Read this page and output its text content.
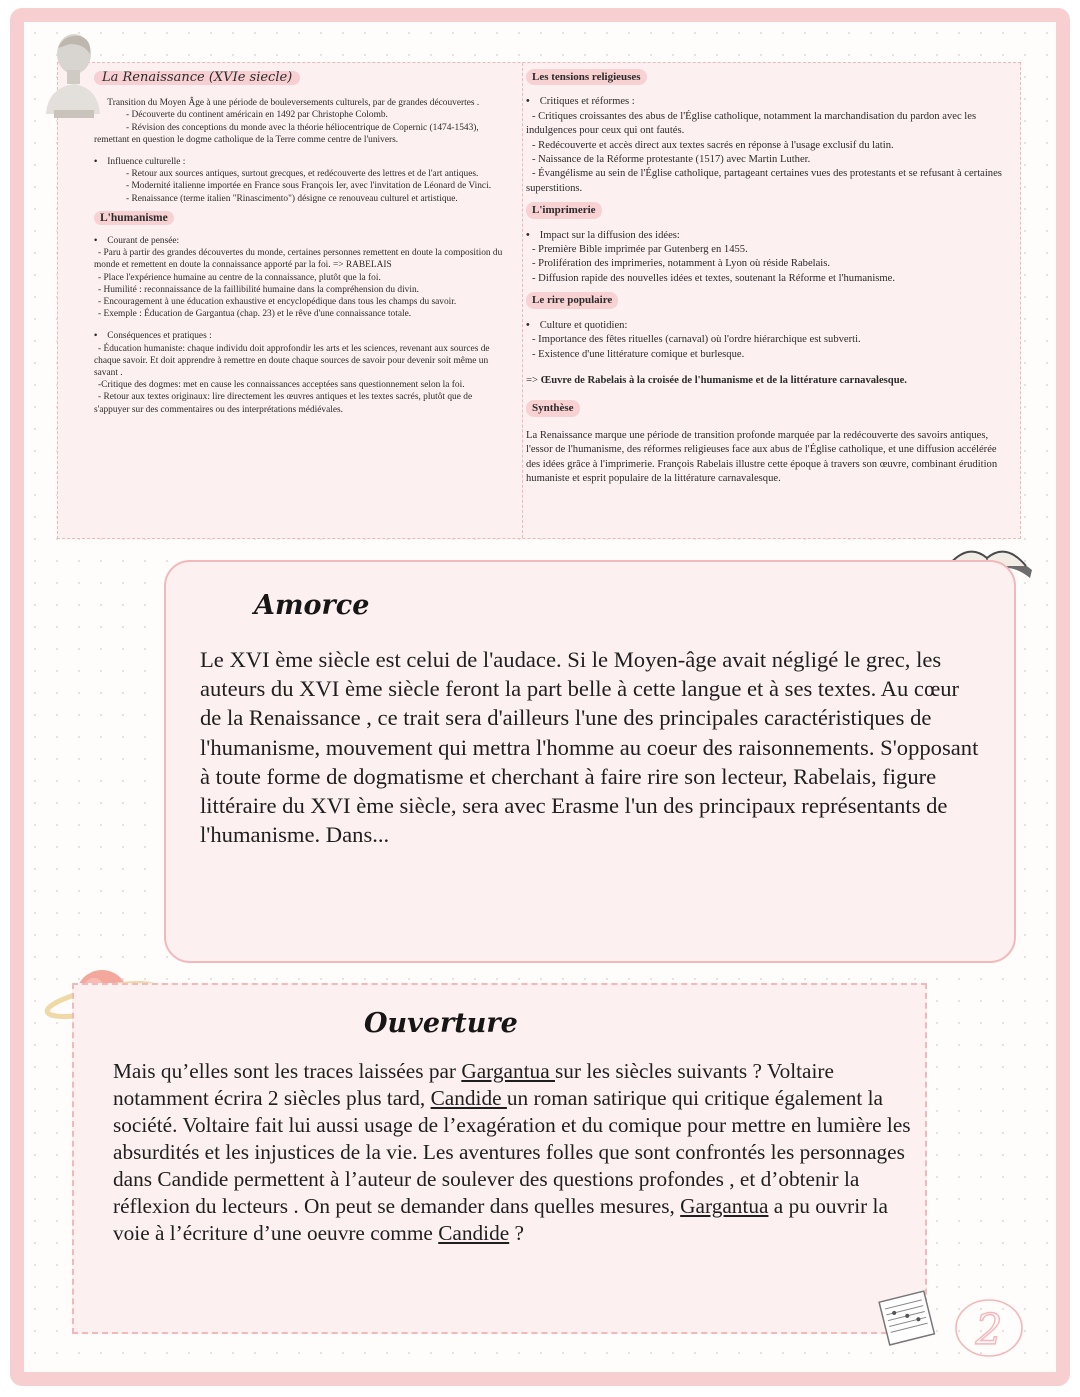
La Renaissance (XVIe siecle)
• Transition du Moyen Âge à une période de bouleversements culturels, par de grandes découvertes .
- Découverte du continent américain en 1492 par Christophe Colomb.
- Révision des conceptions du monde avec la théorie héliocentrique de Copernic (1474-1543), remettant en question le dogme catholique de la Terre comme centre de l'univers.
• Influence culturelle :
- Retour aux sources antiques, surtout grecques, et redécouverte des lettres et de l'art antiques.
- Modernité italienne importée en France sous François Ier, avec l'invitation de Léonard de Vinci.
- Renaissance (terme italien "Rinascimento") désigne ce renouveau culturel et artistique.
L'humanisme
• Courant de pensée:
- Paru à partir des grandes découvertes du monde, certaines personnes remettent en doute la composition du monde et remettent en doute la connaissance apporté par la foi. => RABELAIS
- Place l'expérience humaine au centre de la connaissance, plutôt que la foi.
- Humilité : reconnaissance de la faillibilité humaine dans la compréhension du divin.
- Encouragement à une éducation exhaustive et encyclopédique dans tous les champs du savoir.
- Exemple : Éducation de Gargantua (chap. 23) et le rêve d'une connaissance totale.
• Conséquences et pratiques :
- Éducation humaniste: chaque individu doit approfondir les arts et les sciences, revenant aux sources de chaque savoir. Et doit apprendre à remettre en doute chaque sources de savoir pour devenir soit même un savant .
-Critique des dogmes: met en cause les connaissances acceptées sans questionnement selon la foi.
- Retour aux textes originaux: lire directement les œuvres antiques et les textes sacrés, plutôt que de s'appuyer sur des commentaires ou des interprétations médiévales.
Les tensions religieuses
• Critiques et réformes :
- Critiques croissantes des abus de l'Église catholique, notamment la marchandisation du pardon avec les indulgences pour ceux qui ont fautés.
- Redécouverte et accès direct aux textes sacrés en réponse à l'usage exclusif du latin.
- Naissance de la Réforme protestante (1517) avec Martin Luther.
- Évangélisme au sein de l'Église catholique, partageant certaines vues des protestants et se refusant à certaines superstitions.
L'imprimerie
• Impact sur la diffusion des idées:
- Première Bible imprimée par Gutenberg en 1455.
- Prolifération des imprimeries, notamment à Lyon où réside Rabelais.
- Diffusion rapide des nouvelles idées et textes, soutenant la Réforme et l'humanisme.
Le rire populaire
• Culture et quotidien:
- Importance des fêtes rituelles (carnaval) où l'ordre hiérarchique est subverti.
- Existence d'une littérature comique et burlesque.
=> Œuvre de Rabelais à la croisée de l'humanisme et de la littérature carnavalesque.
Synthèse
La Renaissance marque une période de transition profonde marquée par la redécouverte des savoirs antiques, l'essor de l'humanisme, des réformes religieuses face aux abus de l'Église catholique, et une diffusion accélérée des idées grâce à l'imprimerie. François Rabelais illustre cette époque à travers son œuvre, combinant érudition humaniste et esprit populaire de la littérature carnavalesque.
Amorce
Le XVI ème siècle est celui de l'audace. Si le Moyen-âge avait négligé le grec, les auteurs du XVI ème siècle feront la part belle à cette langue et à ses textes. Au cœur de la Renaissance , ce trait sera d'ailleurs l'une des principales caractéristiques de l'humanisme, mouvement qui mettra l'homme au coeur des raisonnements. S'opposant à toute forme de dogmatisme et cherchant à faire rire son lecteur, Rabelais, figure littéraire du XVI ème siècle, sera avec Erasme l'un des principaux représentants de l'humanisme. Dans...
Ouverture
Mais qu’elles sont les traces laissées par Gargantua sur les siècles suivants ? Voltaire notamment écrira 2 siècles plus tard, Candide un roman satirique qui critique également la société. Voltaire fait lui aussi usage de l’exagération et du comique pour mettre en lumière les absurdités et les injustices de la vie. Les aventures folles que sont confrontés les personnages dans Candide permettent à l’auteur de soulever des questions profondes , et d’obtenir la réflexion du lecteurs . On peut se demander dans quelles mesures, Gargantua a pu ouvrir la voie à l’écriture d’une oeuvre comme Candide ?
2
